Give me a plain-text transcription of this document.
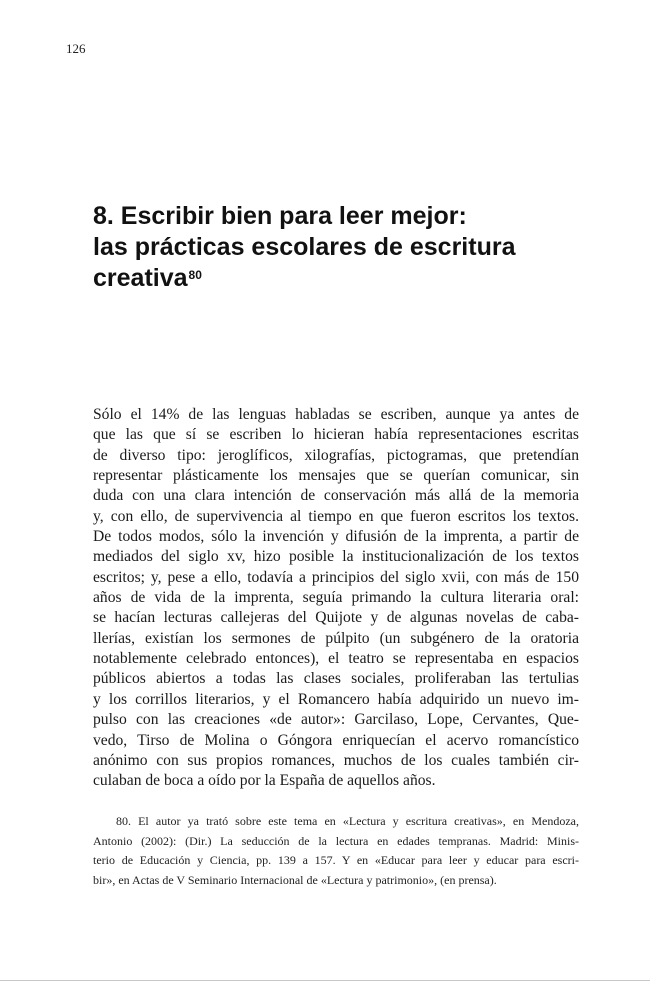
126
8. Escribir bien para leer mejor:
las prácticas escolares de escritura
creativa$^{80}$
Sólo el 14% de las lenguas habladas se escriben, aunque ya antes de
que las que sí se escriben lo hicieran había representaciones escritas
de diverso tipo: jeroglíficos, xilografías, pictogramas, que pretendían
representar plásticamente los mensajes que se querían comunicar, sin
duda con una clara intención de conservación más allá de la memoria
y, con ello, de supervivencia al tiempo en que fueron escritos los textos.
De todos modos, sólo la invención y difusión de la imprenta, a partir de
mediados del siglo xv, hizo posible la institucionalización de los textos
escritos; y, pese a ello, todavía a principios del siglo xvii, con más de 150
años de vida de la imprenta, seguía primando la cultura literaria oral:
se hacían lecturas callejeras del Quijote y de algunas novelas de caba-
llerías, existían los sermones de púlpito (un subgénero de la oratoria
notablemente celebrado entonces), el teatro se representaba en espacios
públicos abiertos a todas las clases sociales, proliferaban las tertulias
y los corrillos literarios, y el Romancero había adquirido un nuevo im-
pulso con las creaciones «de autor»: Garcilaso, Lope, Cervantes, Que-
vedo, Tirso de Molina o Góngora enriquecían el acervo romancístico
anónimo con sus propios romances, muchos de los cuales también cir-
culaban de boca a oído por la España de aquellos años.
80. El autor ya trató sobre este tema en «Lectura y escritura creativas», en Mendoza,
Antonio (2002): (Dir.) La seducción de la lectura en edades tempranas. Madrid: Minis-
terio de Educación y Ciencia, pp. 139 a 157. Y en «Educar para leer y educar para escri-
bir», en Actas de V Seminario Internacional de «Lectura y patrimonio», (en prensa).
